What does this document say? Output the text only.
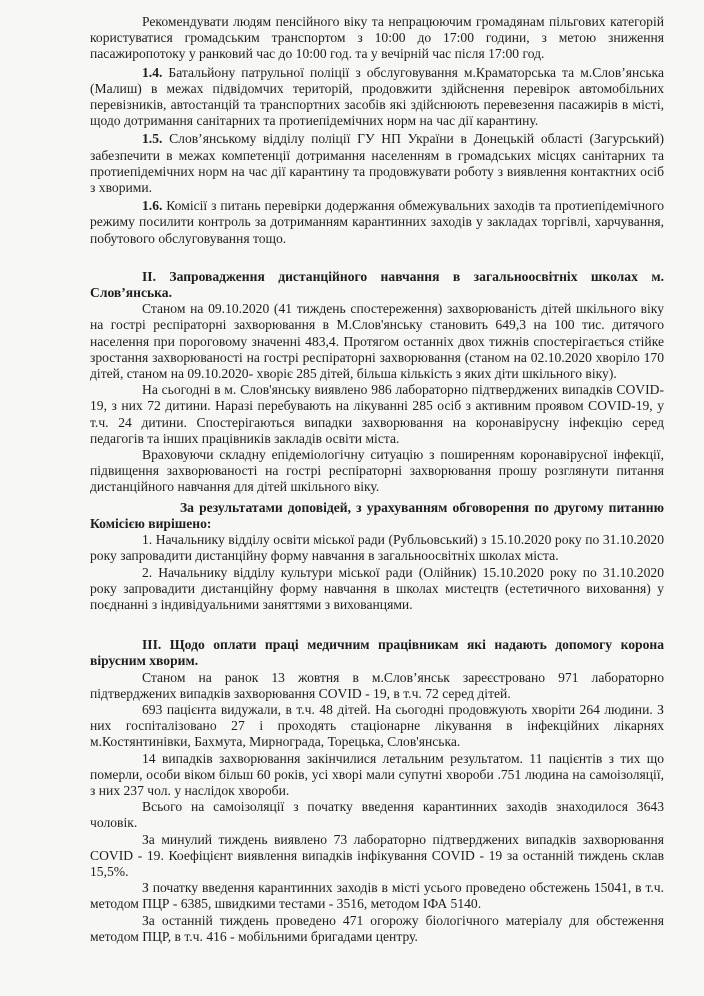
Рекомендувати людям пенсійного віку та непрацюючим громадянам пільгових категорій користуватися громадським транспортом з 10:00 до 17:00 години, з метою зниження пасажиропотоку у ранковий час до 10:00 год. та у вечірній час після 17:00 год.

1.4. Батальйону патрульної поліції з обслуговування м.Краматорська та м.Слов’янська (Малиш) в межах підвідомчих територій, продовжити здійснення перевірок автомобільних перевізників, автостанцій та транспортних засобів які здійснюють перевезення пасажирів в місті, щодо дотримання санітарних та протиепідемічних норм на час дії карантину.

1.5. Слов’янському відділу поліції ГУ НП України в Донецькій області (Загурський) забезпечити в межах компетенції дотримання населенням в громадських місцях санітарних та протиепідемічних норм на час дії карантину та продовжувати роботу з виявлення контактних осіб з хворими.

1.6. Комісії з питань перевірки додержання обмежувальних заходів та протиепідемічного режиму посилити контроль за дотриманням карантинних заходів у закладах торгівлі, харчування, побутового обслуговування тощо.

II. Запровадження дистанційного навчання в загальноосвітніх школах м. Слов’янська.

Станом на 09.10.2020 (41 тиждень спостереження) захворюваність дітей шкільного віку на гострі респіраторні захворювання в М.Слов'янську становить 649,3 на 100 тис. дитячого населення при пороговому значенні 483,4. Протягом останніх двох тижнів спостерігається стійке зростання захворюваності на гострі респіраторні захворювання (станом на 02.10.2020 хворіло 170 дітей, станом на 09.10.2020- хворіє 285 дітей, більша кількість з яких діти шкільного віку).

На сьогодні в м. Слов'янську виявлено 986 лабораторно підтверджених випадків COVID-19, з них 72 дитини. Наразі перебувають на лікуванні 285 осіб з активним проявом COVID-19, у т.ч. 24 дитини. Спостерігаються випадки захворювання на коронавірусну інфекцію серед педагогів та інших працівників закладів освіти міста.

Враховуючи складну епідеміологічну ситуацію з поширенням коронавірусної інфекції, підвищення захворюваності на гострі респіраторні захворювання прошу розглянути питання дистанційного навчання для дітей шкільного віку.

За результатами доповідей, з урахуванням обговорення по другому питанню Комісією вирішено:

1. Начальнику відділу освіти міської ради (Рубльовський) з 15.10.2020 року по 31.10.2020 року запровадити дистанційну форму навчання в загальноосвітніх школах міста.

2. Начальнику відділу культури міської ради (Олійник) 15.10.2020 року по 31.10.2020 року запровадити дистанційну форму навчання в школах мистецтв (естетичного виховання) у поєднанні з індивідуальними заняттями з вихованцями.

III. Щодо оплати праці медичним працівникам які надають допомогу корона вірусним хворим.

Станом на ранок 13 жовтня в м.Слов’янськ зареєстровано 971 лабораторно підтверджених випадків захворювання COVID - 19, в т.ч. 72 серед дітей.

693 пацієнта видужали, в т.ч. 48 дітей. На сьогодні продовжують хворіти 264 людини. З них госпіталізовано 27 і проходять стаціонарне лікування в інфекційних лікарнях м.Костянтинівки, Бахмута, Мирнограда, Торецька, Слов'янська.

14 випадків захворювання закінчилися летальним результатом. 11 пацієнтів з тих що померли, особи віком більш 60 років, усі хворі мали супутні хвороби .751 людина на самоізоляції, з них 237 чол. у наслідок хвороби.

Всього на самоізоляції з початку введення карантинних заходів знаходилося 3643 чоловік.

За минулий тиждень виявлено 73 лабораторно підтверджених випадків захворювання COVID - 19. Коефіцієнт виявлення випадків інфікування COVID - 19 за останній тиждень склав 15,5%.

З початку введення карантинних заходів в місті усього проведено обстежень 15041, в т.ч. методом ПЦР - 6385, швидкими тестами - 3516, методом ІФА 5140.

За останній тиждень проведено 471 огорожу біологічного матеріалу для обстеження методом ПЦР, в т.ч. 416 - мобільними бригадами центру.
